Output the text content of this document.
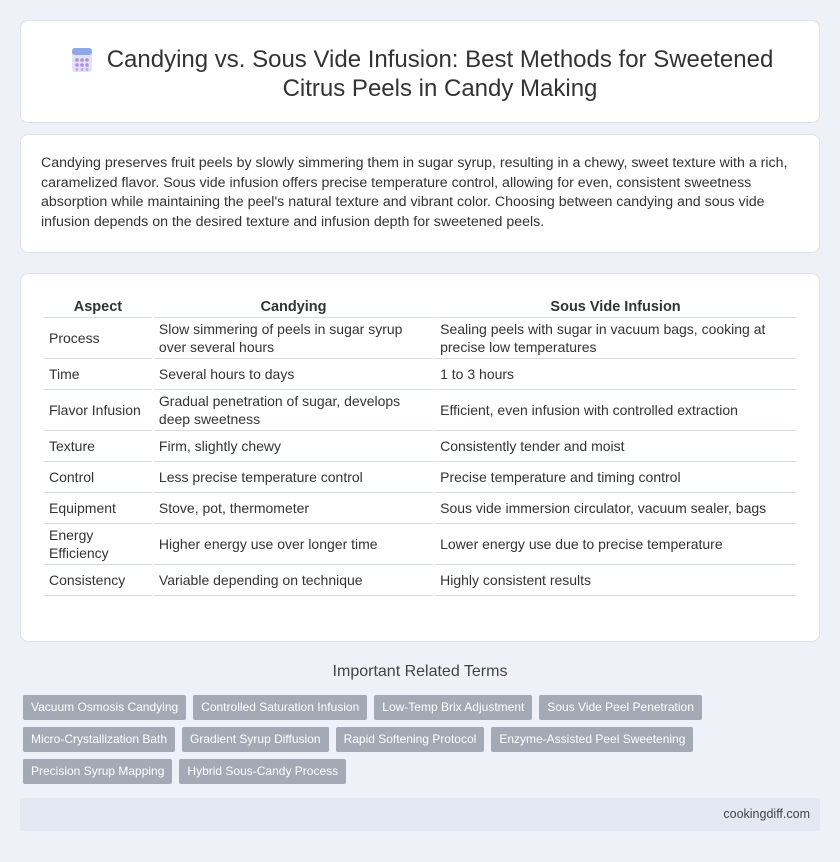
Candying vs. Sous Vide Infusion: Best Methods for Sweetened Citrus Peels in Candy Making

Candying preserves fruit peels by slowly simmering them in sugar syrup, resulting in a chewy, sweet texture with a rich, caramelized flavor. Sous vide infusion offers precise temperature control, allowing for even, consistent sweetness absorption while maintaining the peel's natural texture and vibrant color. Choosing between candying and sous vide infusion depends on the desired texture and infusion depth for sweetened peels.

Aspect	Candying	Sous Vide Infusion
Process	Slow simmering of peels in sugar syrup over several hours	Sealing peels with sugar in vacuum bags, cooking at precise low temperatures
Time	Several hours to days	1 to 3 hours
Flavor Infusion	Gradual penetration of sugar, develops deep sweetness	Efficient, even infusion with controlled extraction
Texture	Firm, slightly chewy	Consistently tender and moist
Control	Less precise temperature control	Precise temperature and timing control
Equipment	Stove, pot, thermometer	Sous vide immersion circulator, vacuum sealer, bags
Energy Efficiency	Higher energy use over longer time	Lower energy use due to precise temperature
Consistency	Variable depending on technique	Highly consistent results
Important Related Terms
Vacuum Osmosis Candying	Controlled Saturation Infusion	Low-Temp Brix Adjustment	Sous Vide Peel Penetration
Micro-Crystallization Bath	Gradient Syrup Diffusion	Rapid Softening Protocol	Enzyme-Assisted Peel Sweetening
Precision Syrup Mapping	Hybrid Sous-Candy Process
cookingdiff.com
